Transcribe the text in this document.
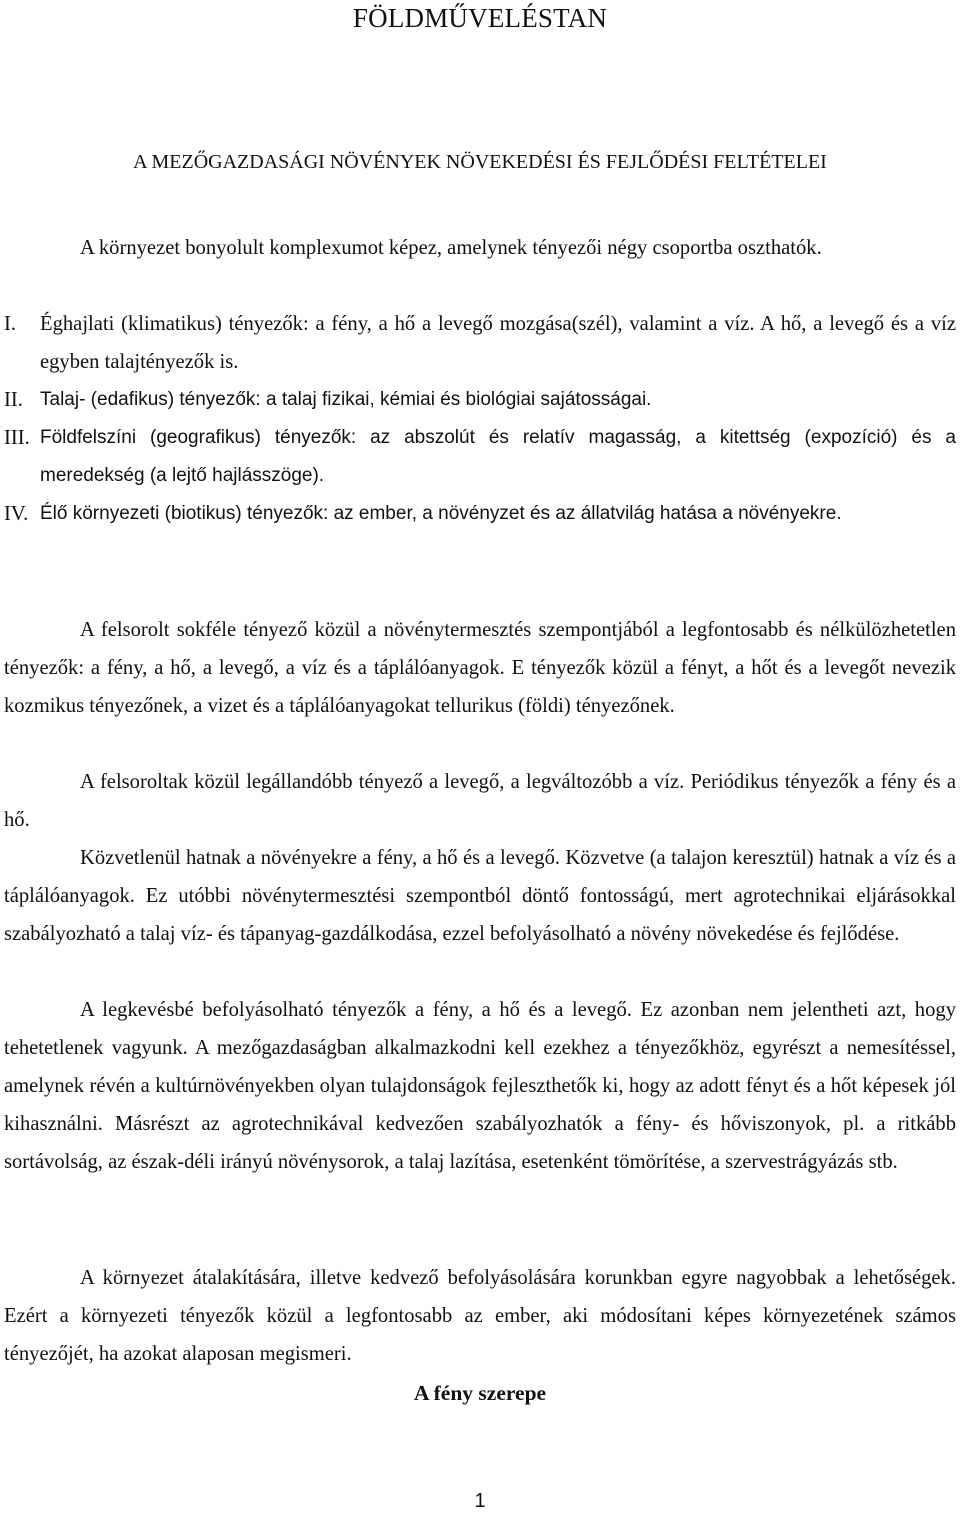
FÖLDMŰVELÉSTAN
A MEZŐGAZDASÁGI NÖVÉNYEK NÖVEKEDÉSI ÉS FEJLŐDÉSI FELTÉTELEI

A környezet bonyolult komplexumot képez, amelynek tényezői négy csoportba oszthatók.

I. Éghajlati (klimatikus) tényezők: a fény, a hő a levegő mozgása(szél), valamint a víz. A hő, a levegő és a víz egyben talajtényezők is.
II. Talaj- (edafikus) tényezők: a talaj fizikai, kémiai és biológiai sajátosságai.
III. Földfelszíni (geografikus) tényezők: az abszolút és relatív magasság, a kitettség (expozíció) és a meredekség (a lejtő hajlásszöge).
IV. Élő környezeti (biotikus) tényezők: az ember, a növényzet és az állatvilág hatása a növényekre.

A felsorolt sokféle tényező közül a növénytermesztés szempontjából a legfontosabb és nélkülözhetetlen tényezők: a fény, a hő, a levegő, a víz és a táplálóanyagok. E tényezők közül a fényt, a hőt és a levegőt nevezik kozmikus tényezőnek, a vizet és a táplálóanyagokat tellurikus (földi) tényezőnek.

A felsoroltak közül legállandóbb tényező a levegő, a legváltozóbb a víz. Periódikus tényezők a fény és a hő.

Közvetlenül hatnak a növényekre a fény, a hő és a levegő. Közvetve (a talajon keresztül) hatnak a víz és a táplálóanyagok. Ez utóbbi növénytermesztési szempontból döntő fontosságú, mert agrotechnikai eljárásokkal szabályozható a talaj víz- és tápanyag-gazdálkodása, ezzel befolyásolható a növény növekedése és fejlődése.

A legkevésbé befolyásolható tényezők a fény, a hő és a levegő. Ez azonban nem jelentheti azt, hogy tehetetlenek vagyunk. A mezőgazdaságban alkalmazkodni kell ezekhez a tényezőkhöz, egyrészt a nemesítéssel, amelynek révén a kultúrnövényekben olyan tulajdonságok fejleszthetők ki, hogy az adott fényt és a hőt képesek jól kihasználni. Másrészt az agrotechnikával kedvezően szabályozhatók a fény- és hőviszonyok, pl. a ritkább sortávolság, az észak-déli irányú növénysorok, a talaj lazítása, esetenként tömörítése, a szervestrágyázás stb.

A környezet átalakítására, illetve kedvező befolyásolására korunkban egyre nagyobbak a lehetőségek. Ezért a környezeti tényezők közül a legfontosabb az ember, aki módosítani képes környezetének számos tényezőjét, ha azokat alaposan megismeri.

A fény szerepe
1
